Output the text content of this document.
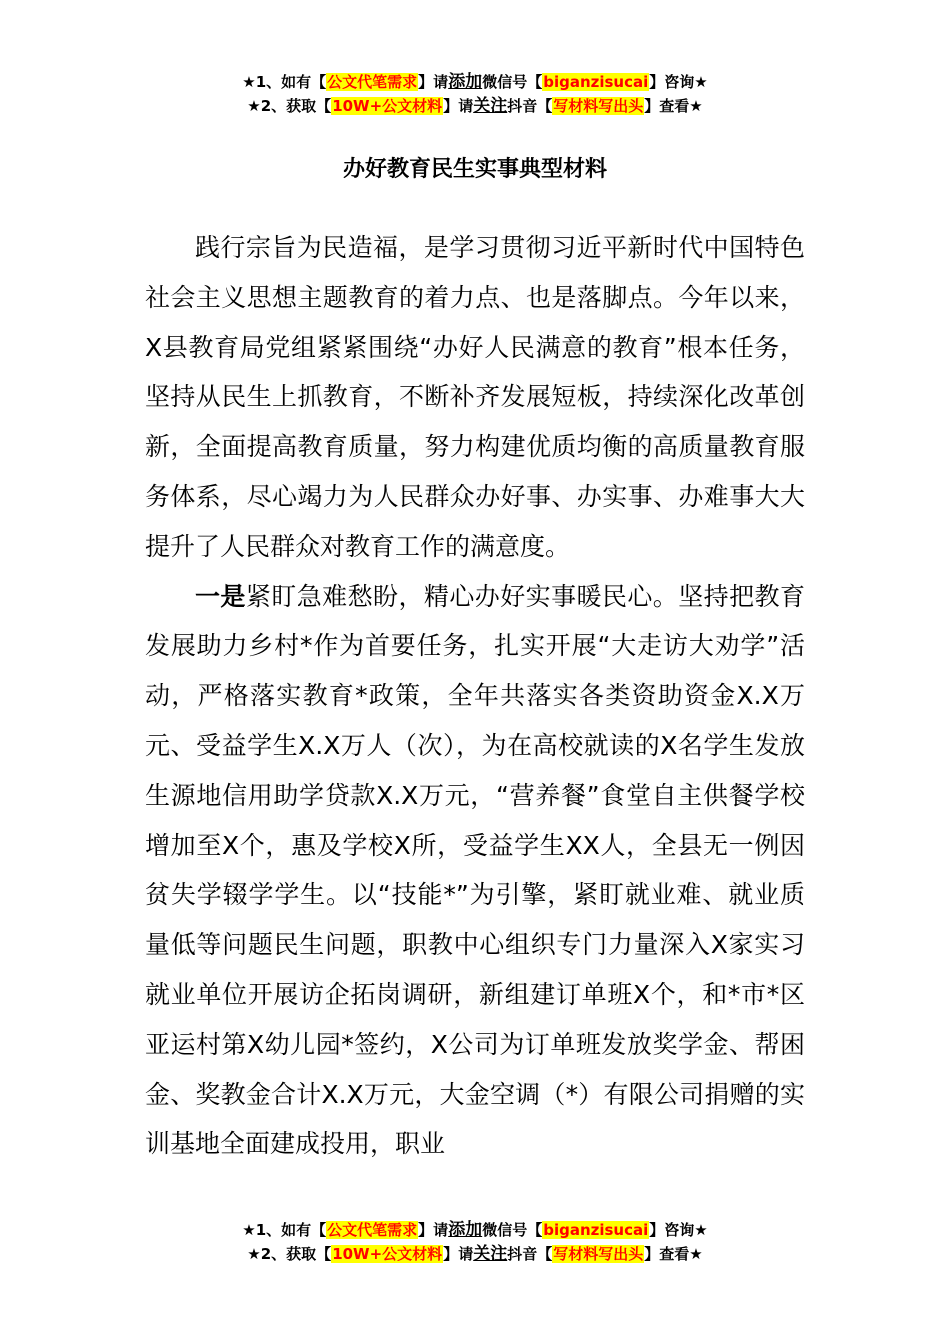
★1、如有【公文代笔需求】请添加微信号【biganzisucai】咨询★
★2、获取【10W+公文材料】请关注抖音【写材料写出头】查看★
办好教育民生实事典型材料

践行宗旨为民造福，是学习贯彻习近平新时代中国特色社会主义思想主题教育的着力点、也是落脚点。今年以来，X县教育局党组紧紧围绕“办好人民满意的教育”根本任务，坚持从民生上抓教育，不断补齐发展短板，持续深化改革创新，全面提高教育质量，努力构建优质均衡的高质量教育服务体系，尽心竭力为人民群众办好事、办实事、办难事大大提升了人民群众对教育工作的满意度。

一是紧盯急难愁盼，精心办好实事暖民心。坚持把教育发展助力乡村*作为首要任务，扎实开展“大走访大劝学”活动，严格落实教育*政策，全年共落实各类资助资金X.X万元、受益学生X.X万人（次），为在高校就读的X名学生发放生源地信用助学贷款X.X万元，“营养餐”食堂自主供餐学校增加至X个，惠及学校X所，受益学生XX人，全县无一例因贫失学辍学学生。以“技能*”为引擎，紧盯就业难、就业质量低等问题民生问题，职教中心组织专门力量深入X家实习就业单位开展访企拓岗调研，新组建订单班X个，和*市*区亚运村第X幼儿园*签约，X公司为订单班发放奖学金、帮困金、奖教金合计X.X万元，大金空调（*）有限公司捐赠的实训基地全面建成投用，职业

★1、如有【公文代笔需求】请添加微信号【biganzisucai】咨询★
★2、获取【10W+公文材料】请关注抖音【写材料写出头】查看★
